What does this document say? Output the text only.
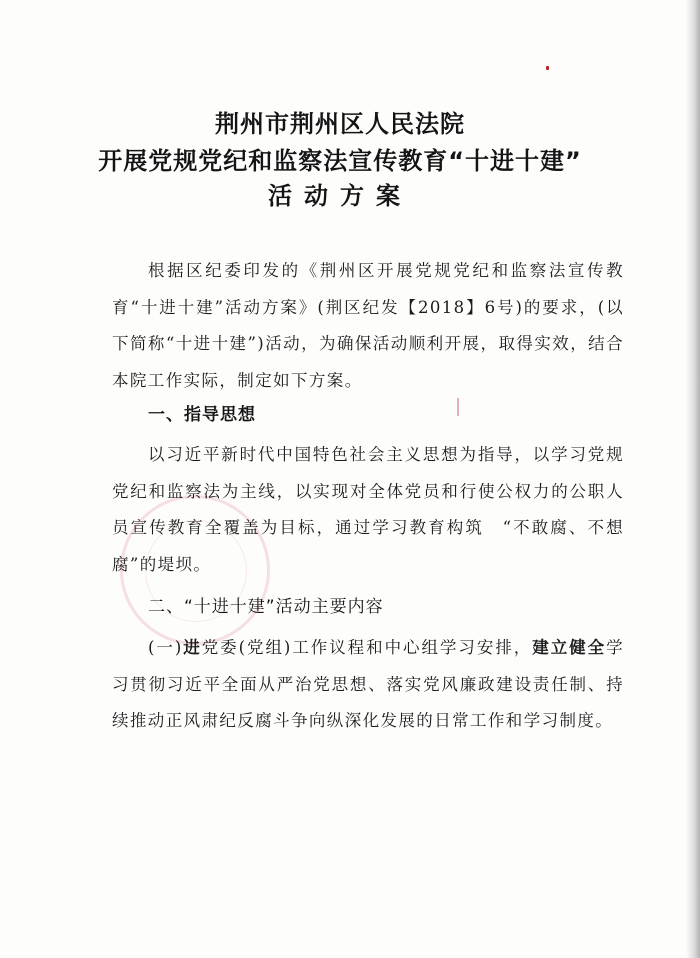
荆州市荆州区人民法院
开展党规党纪和监察法宣传教育“十进十建”
活动方案

根据区纪委印发的《荆州区开展党规党纪和监察法宣传教育“十进十建”活动方案》(荆区纪发【2018】6号)的要求，(以下简称“十进十建”)活动，为确保活动顺利开展，取得实效，结合本院工作实际，制定如下方案。

一、指导思想

以习近平新时代中国特色社会主义思想为指导，以学习党规党纪和监察法为主线，以实现对全体党员和行使公权力的公职人员宣传教育全覆盖为目标，通过学习教育构筑　“不敢腐、不想腐”的堤坝。

二、“十进十建”活动主要内容

(一)进党委(党组)工作议程和中心组学习安排，建立健全学习贯彻习近平全面从严治党思想、落实党风廉政建设责任制、持续推动正风肃纪反腐斗争向纵深化发展的日常工作和学习制度。
